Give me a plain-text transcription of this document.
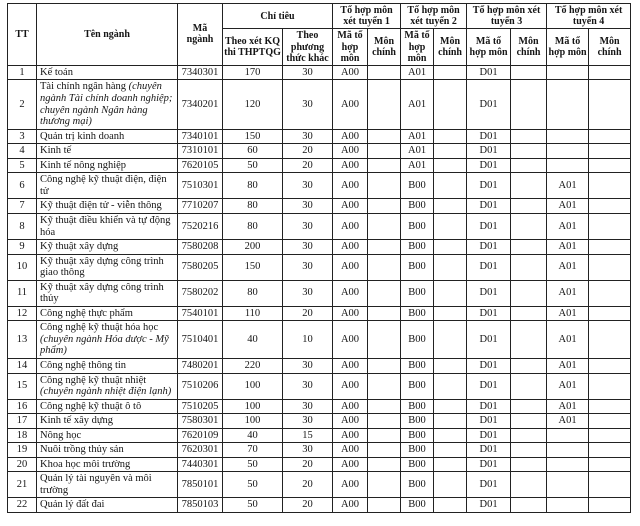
TT	Tên ngành	Mã ngành	Chỉ tiêu		Tổ hợp môn xét tuyển 1		Tổ hợp môn xét tuyển 2		Tổ hợp môn xét tuyển 3		Tổ hợp môn xét tuyển 4	
			Theo xét KQ thi THPTQG	Theo phương thức khác	Mã tổ hợp môn	Môn chính	Mã tổ hợp môn	Môn chính	Mã tổ hợp môn	Môn chính	Mã tổ hợp môn	Môn chính
1	Kế toán	7340301	170	30	A00		A01		D01			
2	Tài chính ngân hàng (chuyên ngành Tài chính doanh nghiệp; chuyên ngành Ngân hàng thương mại)	7340201	120	30	A00		A01		D01			
3	Quản trị kinh doanh	7340101	150	30	A00		A01		D01			
4	Kinh tế	7310101	60	20	A00		A01		D01			
5	Kinh tế nông nghiệp	7620105	50	20	A00		A01		D01			
6	Công nghệ kỹ thuật điện, điện tử	7510301	80	30	A00		B00		D01		A01	
7	Kỹ thuật điện tử - viễn thông	7710207	80	30	A00		B00		D01		A01	
8	Kỹ thuật điều khiển và tự động hóa	7520216	80	30	A00		B00		D01		A01	
9	Kỹ thuật xây dựng	7580208	200	30	A00		B00		D01		A01	
10	Kỹ thuật xây dựng công trình giao thông	7580205	150	30	A00		B00		D01		A01	
11	Kỹ thuật xây dựng công trình thủy	7580202	80	30	A00		B00		D01		A01	
12	Công nghệ thực phẩm	7540101	110	20	A00		B00		D01		A01	
13	Công nghệ kỹ thuật hóa học (chuyên ngành Hóa dược - Mỹ phẩm)	7510401	40	10	A00		B00		D01		A01	
14	Công nghệ thông tin	7480201	220	30	A00		B00		D01		A01	
15	Công nghệ kỹ thuật nhiệt (chuyên ngành nhiệt điện lạnh)	7510206	100	30	A00		B00		D01		A01	
16	Công nghệ kỹ thuật ô tô	7510205	100	30	A00		B00		D01		A01	
17	Kinh tế xây dựng	7580301	100	30	A00		B00		D01		A01	
18	Nông học	7620109	40	15	A00		B00		D01			
19	Nuôi trồng thủy sản	7620301	70	30	A00		B00		D01			
20	Khoa học môi trường	7440301	50	20	A00		B00		D01			
21	Quản lý tài nguyên và môi trường	7850101	50	20	A00		B00		D01			
22	Quản lý đất đai	7850103	50	20	A00		B00		D01			
